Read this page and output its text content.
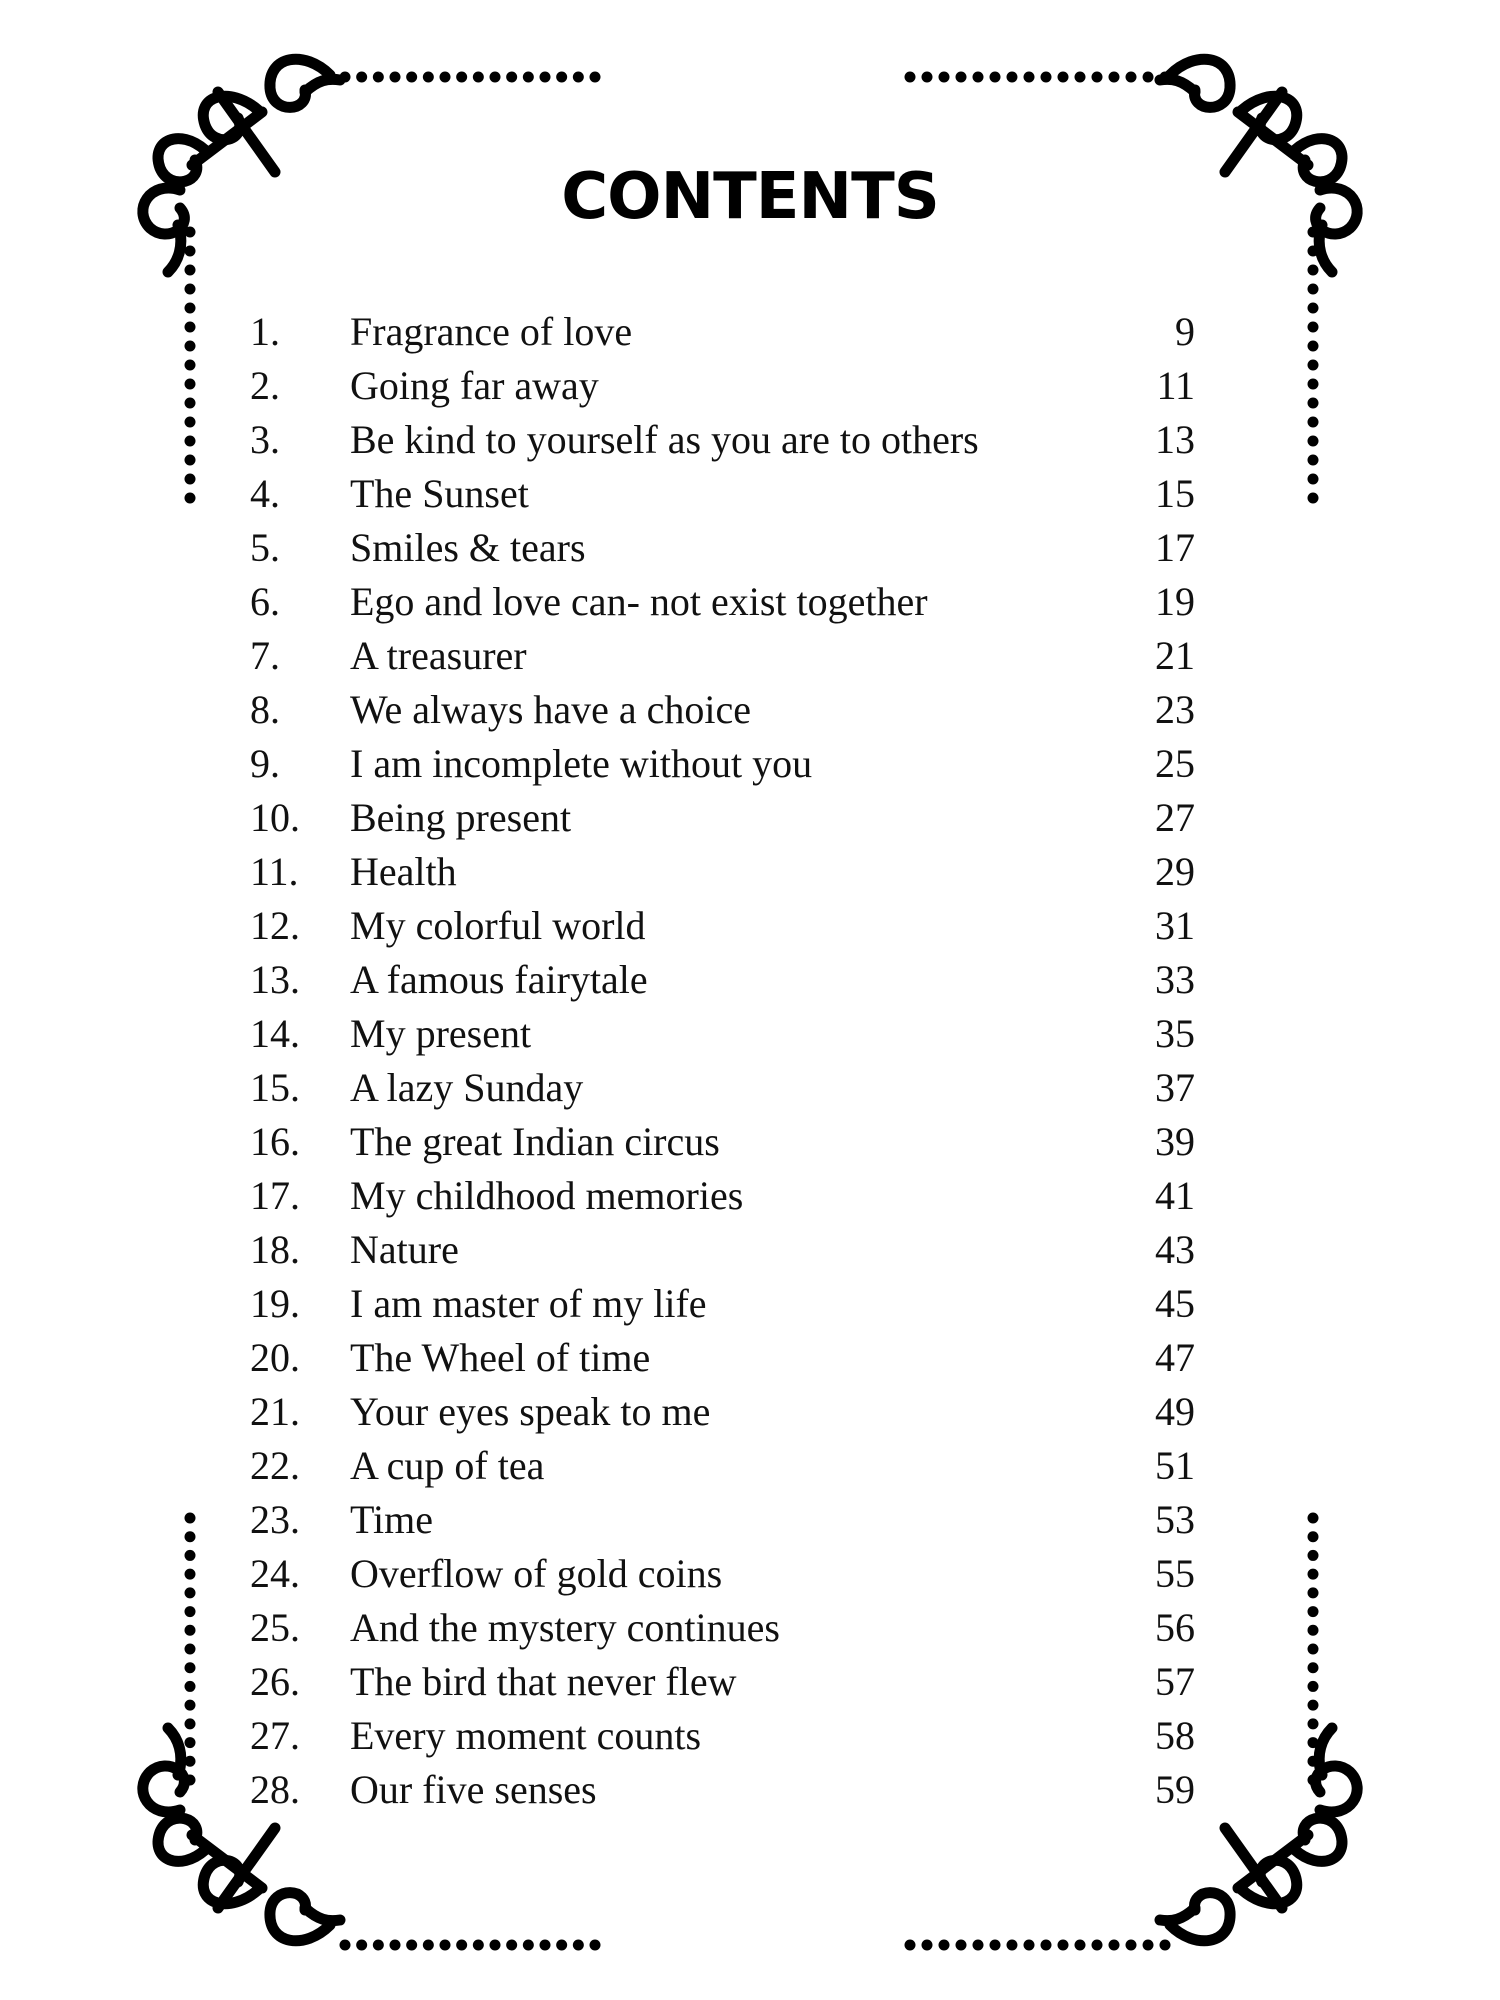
CONTENTS
1. Fragrance of love	9
2. Going far away	11
3. Be kind to yourself as you are to others	13
4. The Sunset	15
5. Smiles & tears	17
6. Ego and love can- not exist together	19
7. A treasurer	21
8. We always have a choice	23
9. I am incomplete without you	25
10. Being present	27
11. Health	29
12. My colorful world	31
13. A famous fairytale	33
14. My present	35
15. A lazy Sunday	37
16. The great Indian circus	39
17. My childhood memories	41
18. Nature	43
19. I am master of my life	45
20. The Wheel of time	47
21. Your eyes speak to me	49
22. A cup of tea	51
23. Time	53
24. Overflow of gold coins	55
25. And the mystery continues	56
26. The bird that never flew	57
27. Every moment counts	58
28. Our five senses	59
